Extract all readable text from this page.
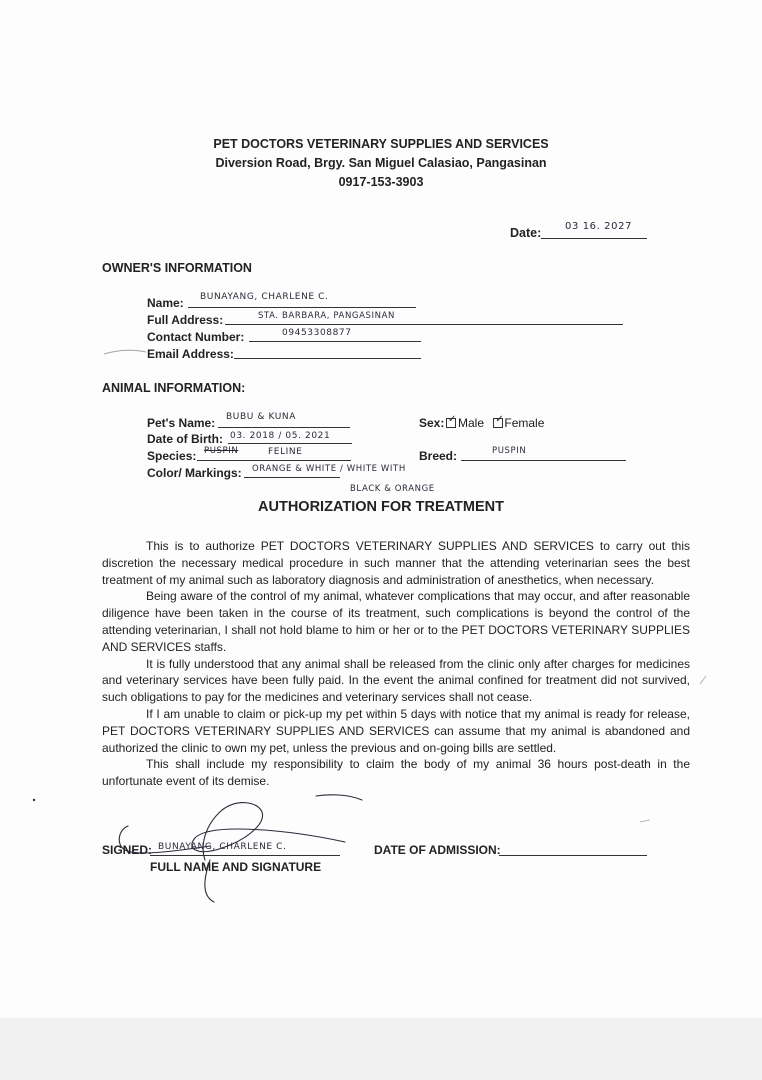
PET DOCTORS VETERINARY SUPPLIES AND SERVICES
Diversion Road, Brgy. San Miguel Calasiao, Pangasinan
0917-153-3903
Date: 03 16. 2027
OWNER'S INFORMATION
Name: BUNAYANG, CHARLENE C.
Full Address:	STA. BARBARA, PANGASINAN
Contact Number:	09453308877
Email Address:
ANIMAL INFORMATION:
Pet's Name: BUBU & KUNA	Sex: ✓ Male ✓ Female
Date of Birth: 03. 2018 / 05. 2021
Species: PUSPIN	FELINE	Breed:	PUSPIN
Color/ Markings: ORANGE & WHITE / WHITE WITH
BLACK & ORANGE
AUTHORIZATION FOR TREATMENT

This is to authorize PET DOCTORS VETERINARY SUPPLIES AND SERVICES to carry out this discretion the necessary medical procedure in such manner that the attending veterinarian sees the best treatment of my animal such as laboratory diagnosis and administration of anesthetics, when necessary.

Being aware of the control of my animal, whatever complications that may occur, and after reasonable diligence have been taken in the course of its treatment, such complications is beyond the control of the attending veterinarian, I shall not hold blame to him or her or to the PET DOCTORS VETERINARY SUPPLIES AND SERVICES staffs.

It is fully understood that any animal shall be released from the clinic only after charges for medicines and veterinary services have been fully paid. In the event the animal confined for treatment did not survived, such obligations to pay for the medicines and veterinary services shall not cease.

If I am unable to claim or pick-up my pet within 5 days with notice that my animal is ready for release, PET DOCTORS VETERINARY SUPPLIES AND SERVICES can assume that my animal is abandoned and authorized the clinic to own my pet, unless the previous and on-going bills are settled.

This shall include my responsibility to claim the body of my animal 36 hours post-death in the unfortunate event of its demise.

SIGNED: BUNAYANG, CHARLENE C.
FULL NAME AND SIGNATURE
DATE OF ADMISSION:
